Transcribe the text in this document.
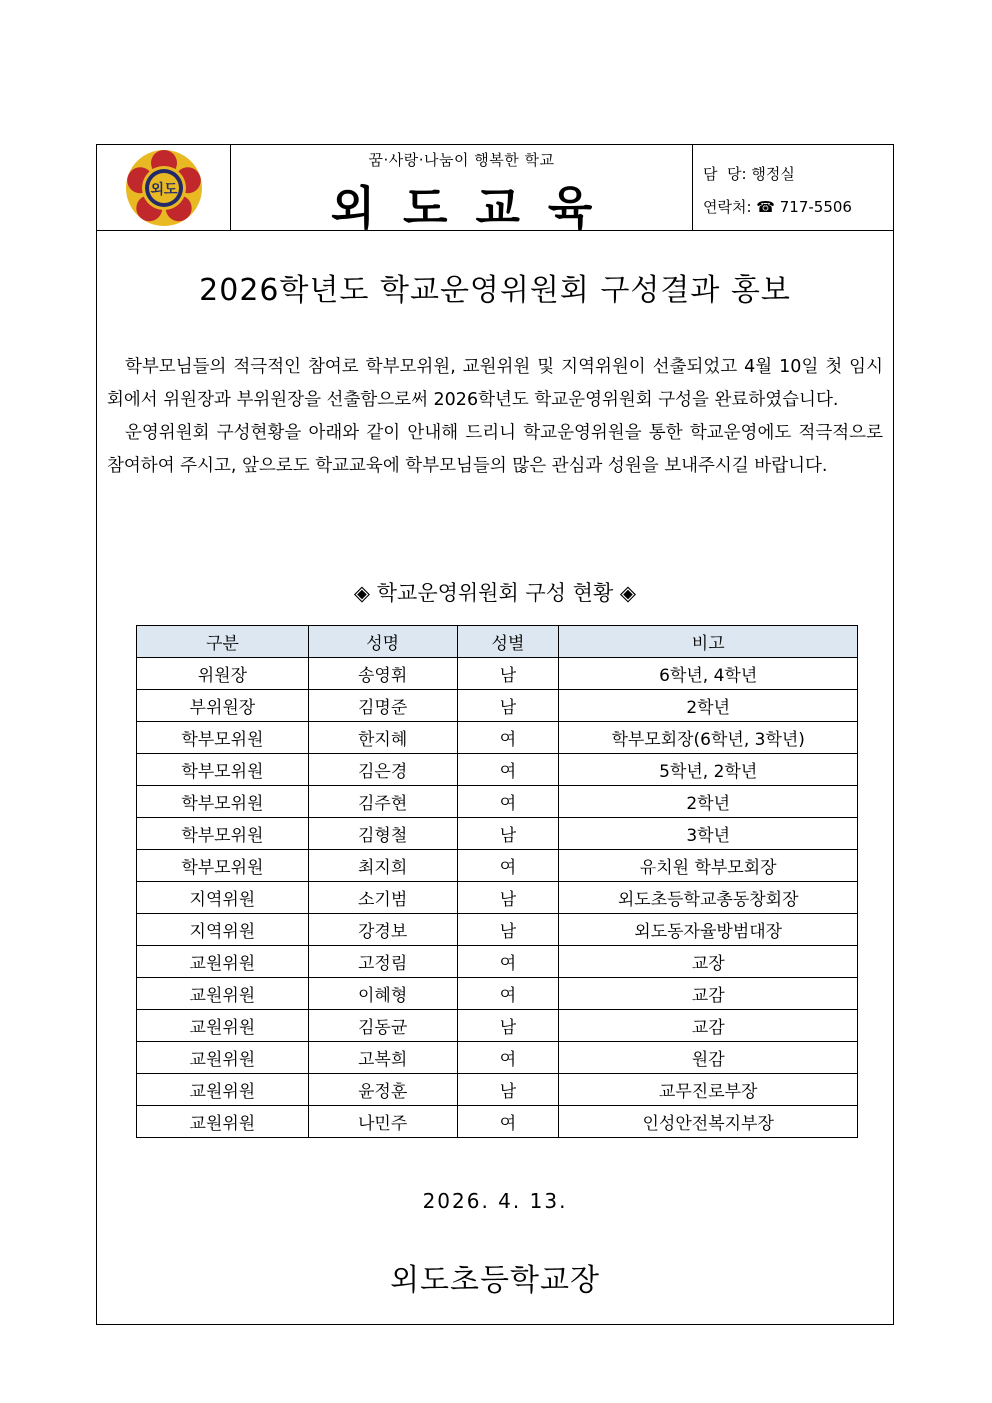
외도
꿈·사랑·나눔이 행복한 학교
외도교육
담  당: 행정실
연락처: ☎ 717-5506
2026학년도 학교운영위원회 구성결과 홍보

학부모님들의 적극적인 참여로 학부모위원, 교원위원 및 지역위원이 선출되었고 4월 10일 첫 임시회에서 위원장과 부위원장을 선출함으로써 2026학년도 학교운영위원회 구성을 완료하였습니다.

운영위원회 구성현황을 아래와 같이 안내해 드리니 학교운영위원을 통한 학교운영에도 적극적으로 참여하여 주시고, 앞으로도 학교교육에 학부모님들의 많은 관심과 성원을 보내주시길 바랍니다.

◈ 학교운영위원회 구성 현황 ◈
구분	성명	성별	비고
위원장	송영휘	남	6학년, 4학년
부위원장	김명준	남	2학년
학부모위원	한지혜	여	학부모회장(6학년, 3학년)
학부모위원	김은경	여	5학년, 2학년
학부모위원	김주현	여	2학년
학부모위원	김형철	남	3학년
학부모위원	최지희	여	유치원 학부모회장
지역위원	소기범	남	외도초등학교총동창회장
지역위원	강경보	남	외도동자율방범대장
교원위원	고정림	여	교장
교원위원	이혜형	여	교감
교원위원	김동균	남	교감
교원위원	고복희	여	원감
교원위원	윤정훈	남	교무진로부장
교원위원	나민주	여	인성안전복지부장
2026. 4. 13.
외도초등학교장
